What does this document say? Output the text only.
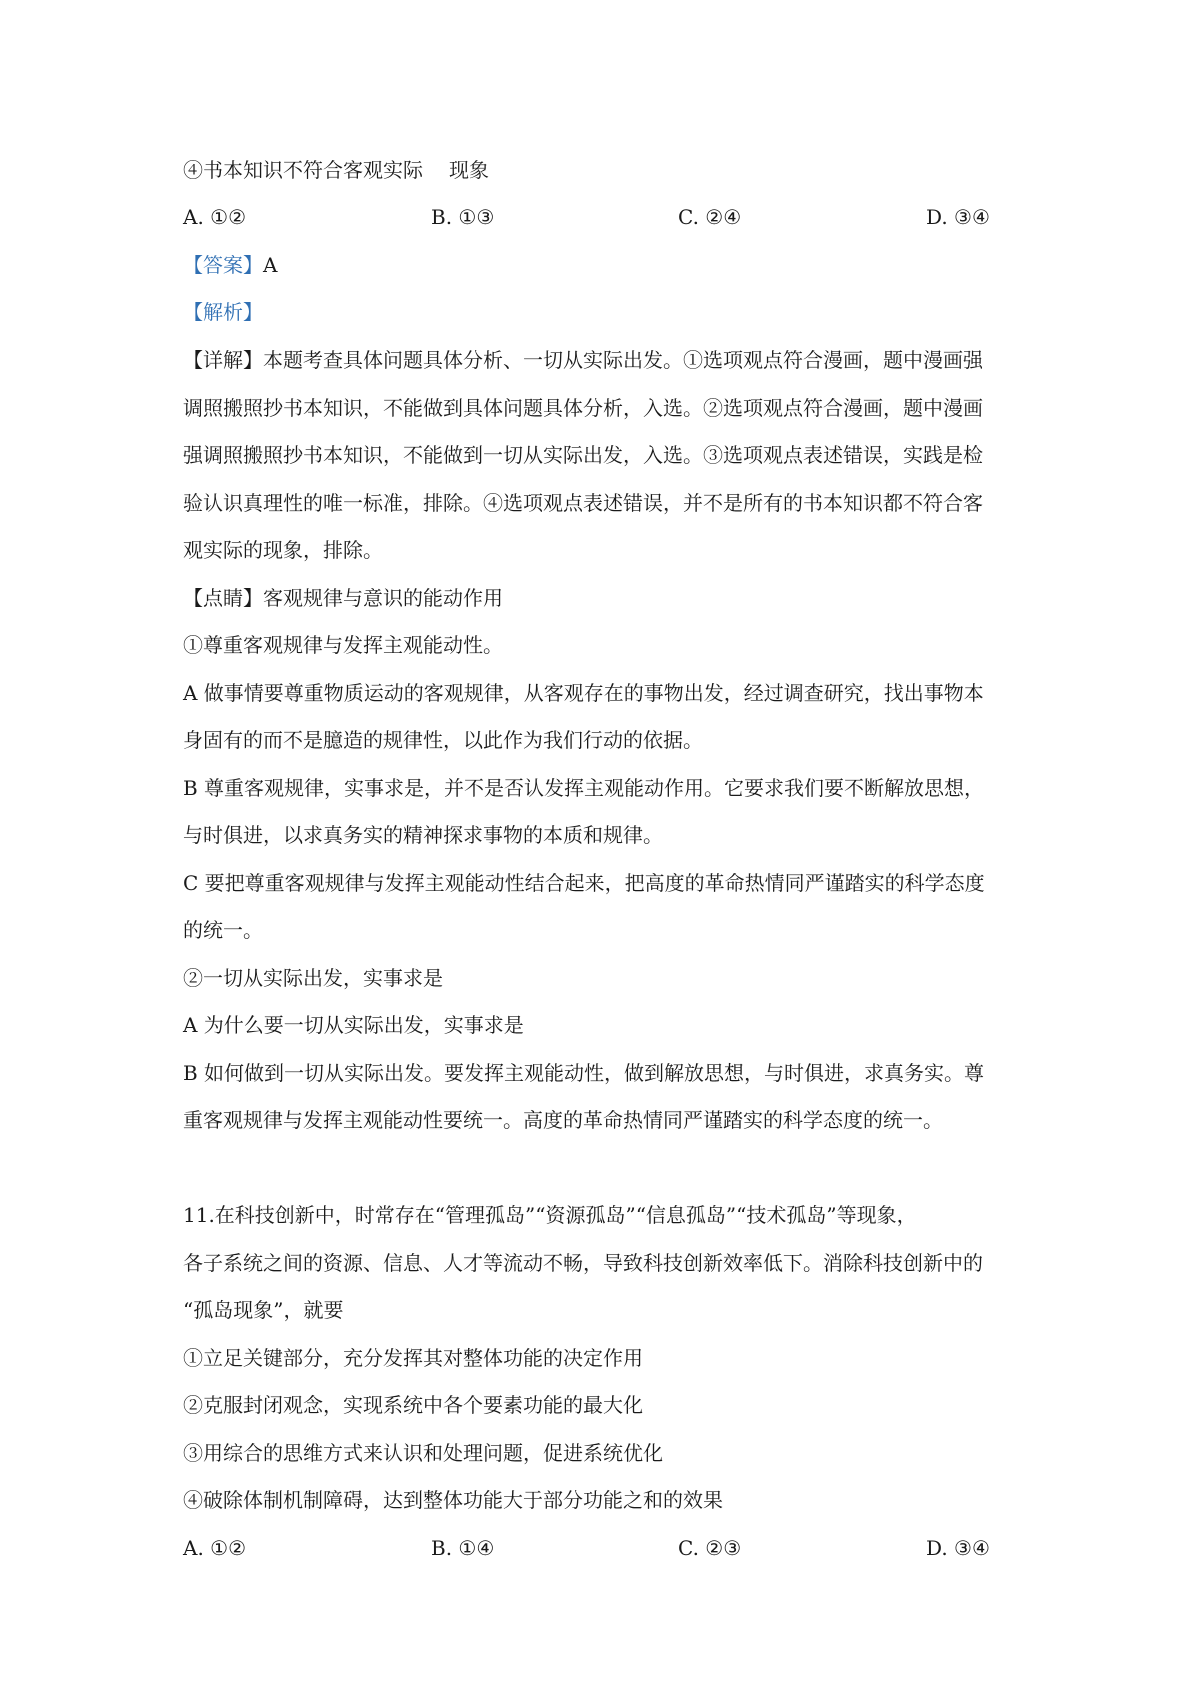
④书本知识不符合客观实际 现象
A. ①②	B. ①③	C. ②④	D. ③④
【答案】A
【解析】
【详解】本题考查具体问题具体分析、一切从实际出发。①选项观点符合漫画，题中漫画强
调照搬照抄书本知识，不能做到具体问题具体分析，入选。②选项观点符合漫画，题中漫画
强调照搬照抄书本知识，不能做到一切从实际出发，入选。③选项观点表述错误，实践是检
验认识真理性的唯一标准，排除。④选项观点表述错误，并不是所有的书本知识都不符合客
观实际的现象，排除。
【点睛】客观规律与意识的能动作用
①尊重客观规律与发挥主观能动性。
A 做事情要尊重物质运动的客观规律，从客观存在的事物出发，经过调查研究，找出事物本
身固有的而不是臆造的规律性，以此作为我们行动的依据。
B 尊重客观规律，实事求是，并不是否认发挥主观能动作用。它要求我们要不断解放思想，
与时俱进，以求真务实的精神探求事物的本质和规律。
C 要把尊重客观规律与发挥主观能动性结合起来，把高度的革命热情同严谨踏实的科学态度
的统一。
②一切从实际出发，实事求是
A 为什么要一切从实际出发，实事求是
B 如何做到一切从实际出发。要发挥主观能动性，做到解放思想，与时俱进，求真务实。尊
重客观规律与发挥主观能动性要统一。高度的革命热情同严谨踏实的科学态度的统一。
11.在科技创新中，时常存在“管理孤岛”“资源孤岛”“信息孤岛”“技术孤岛”等现象，
各子系统之间的资源、信息、人才等流动不畅，导致科技创新效率低下。消除科技创新中的
“孤岛现象”，就要
①立足关键部分，充分发挥其对整体功能的决定作用
②克服封闭观念，实现系统中各个要素功能的最大化
③用综合的思维方式来认识和处理问题，促进系统优化
④破除体制机制障碍，达到整体功能大于部分功能之和的效果
A. ①②	B. ①④	C. ②③	D. ③④
